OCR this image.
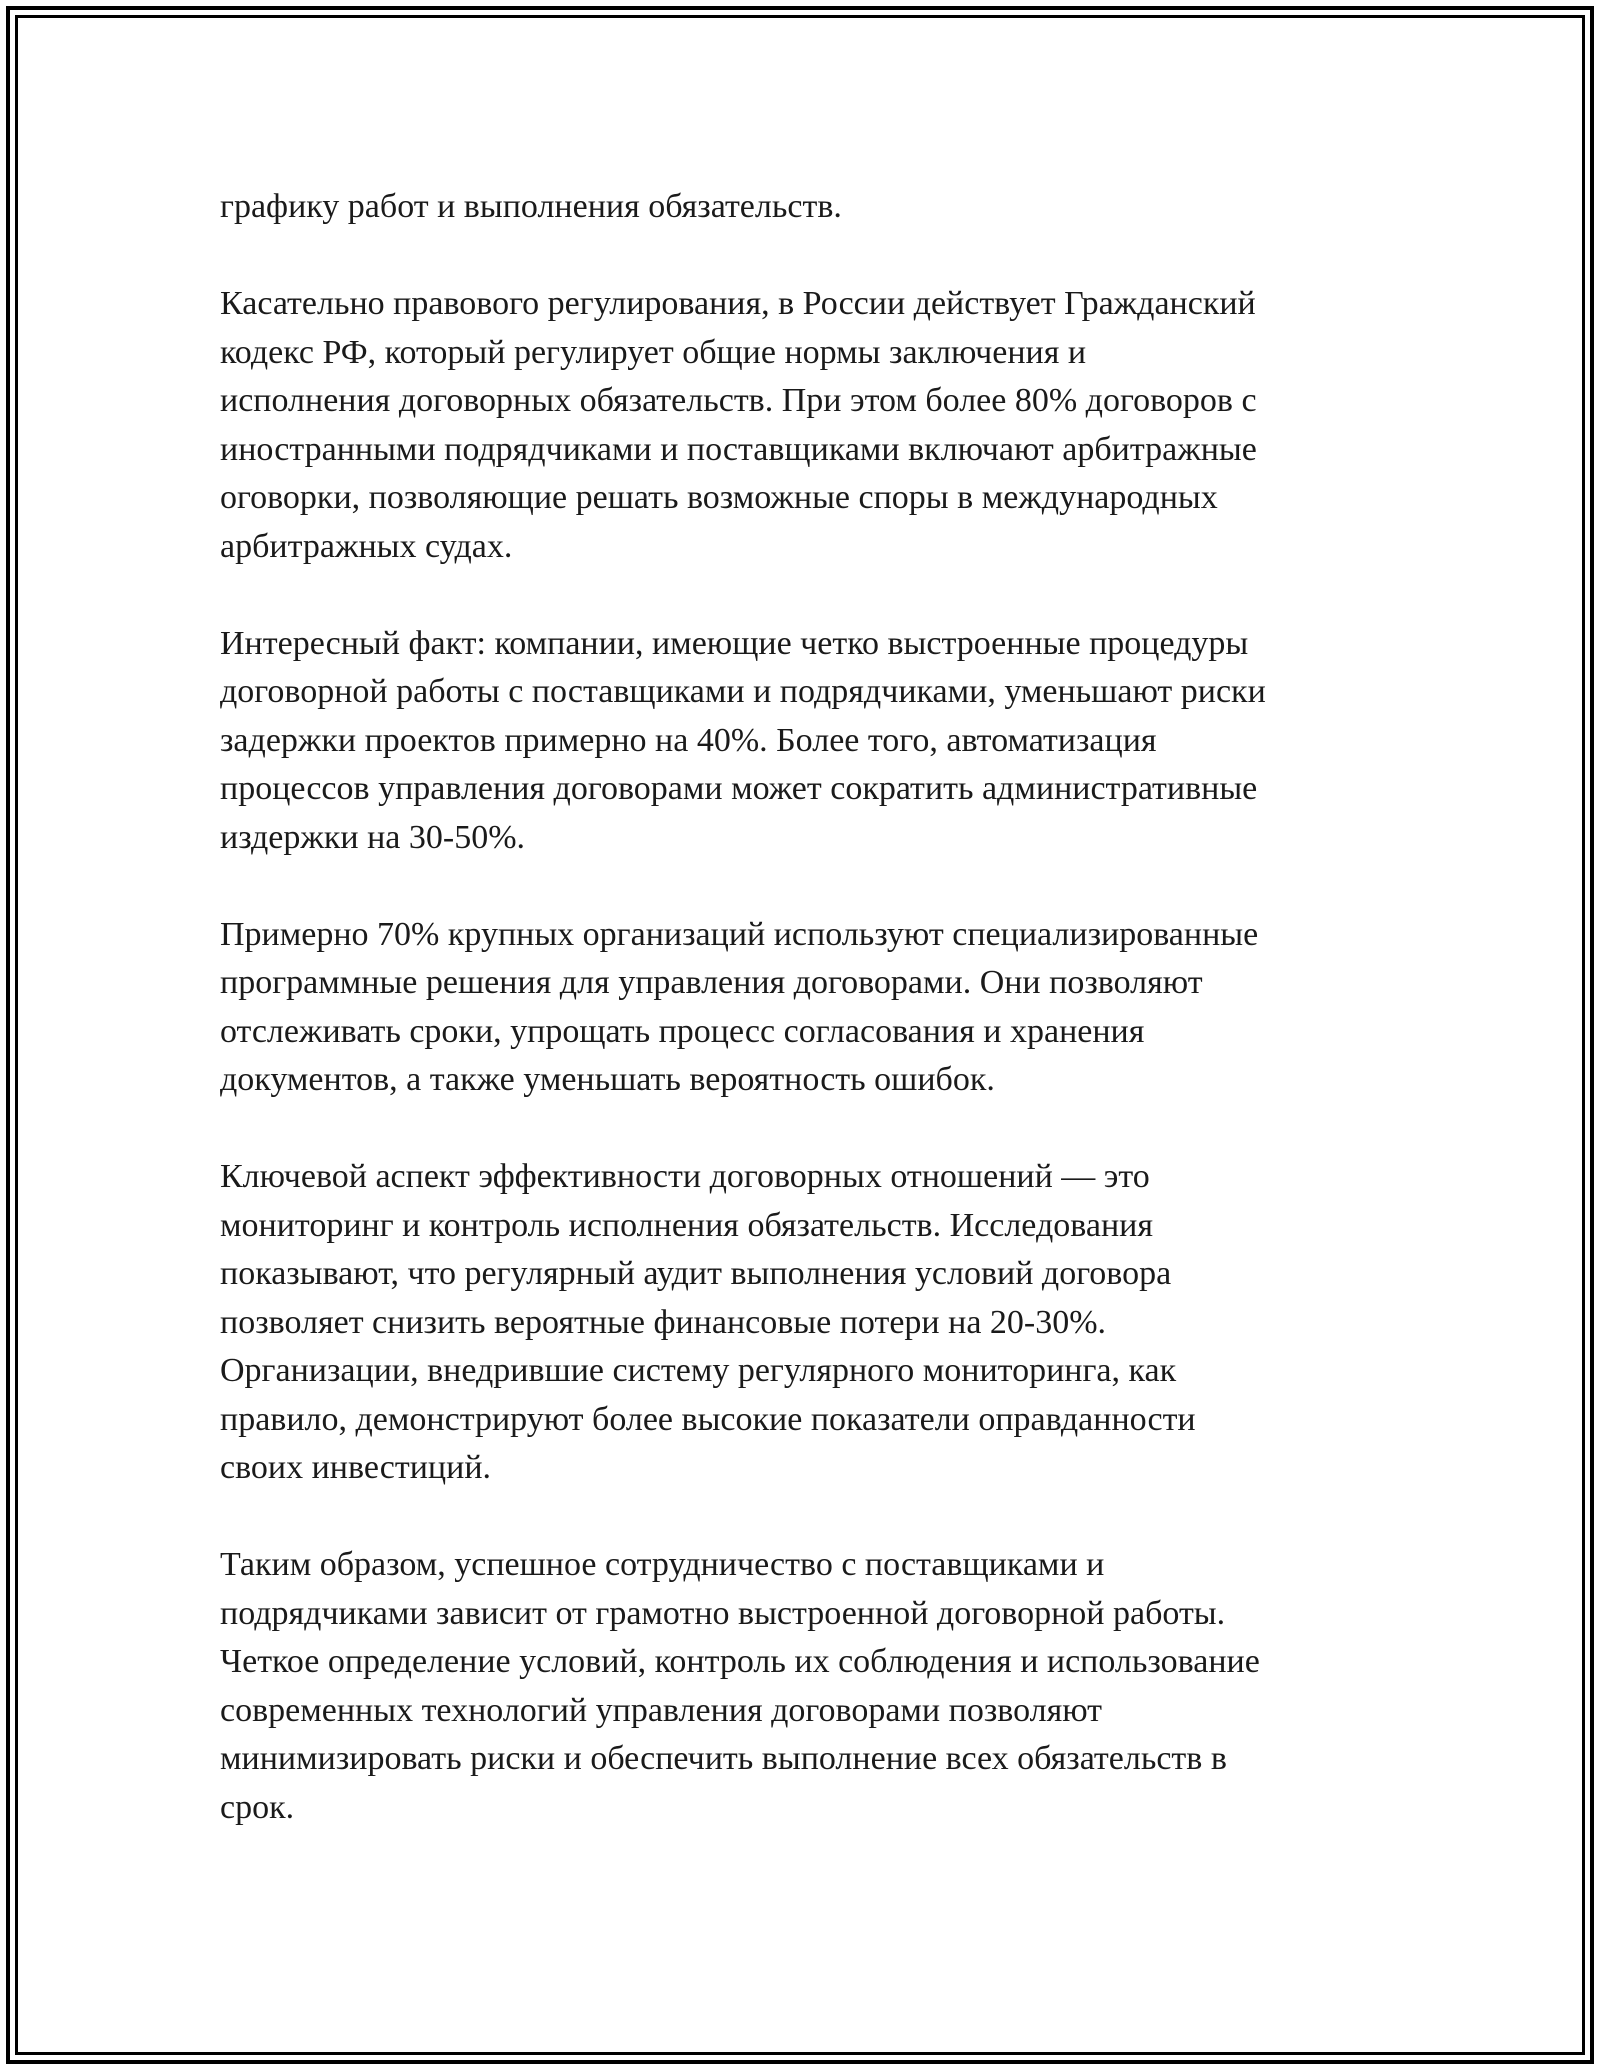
графику работ и выполнения обязательств.

Касательно правового регулирования, в России действует Гражданский
кодекс РФ, который регулирует общие нормы заключения и
исполнения договорных обязательств. При этом более 80% договоров с
иностранными подрядчиками и поставщиками включают арбитражные
оговорки, позволяющие решать возможные споры в международных
арбитражных судах.

Интересный факт: компании, имеющие четко выстроенные процедуры
договорной работы с поставщиками и подрядчиками, уменьшают риски
задержки проектов примерно на 40%. Более того, автоматизация
процессов управления договорами может сократить административные
издержки на 30-50%.

Примерно 70% крупных организаций используют специализированные
программные решения для управления договорами. Они позволяют
отслеживать сроки, упрощать процесс согласования и хранения
документов, а также уменьшать вероятность ошибок.

Ключевой аспект эффективности договорных отношений — это
мониторинг и контроль исполнения обязательств. Исследования
показывают, что регулярный аудит выполнения условий договора
позволяет снизить вероятные финансовые потери на 20-30%.
Организации, внедрившие систему регулярного мониторинга, как
правило, демонстрируют более высокие показатели оправданности
своих инвестиций.

Таким образом, успешное сотрудничество с поставщиками и
подрядчиками зависит от грамотно выстроенной договорной работы.
Четкое определение условий, контроль их соблюдения и использование
современных технологий управления договорами позволяют
минимизировать риски и обеспечить выполнение всех обязательств в
срок.
